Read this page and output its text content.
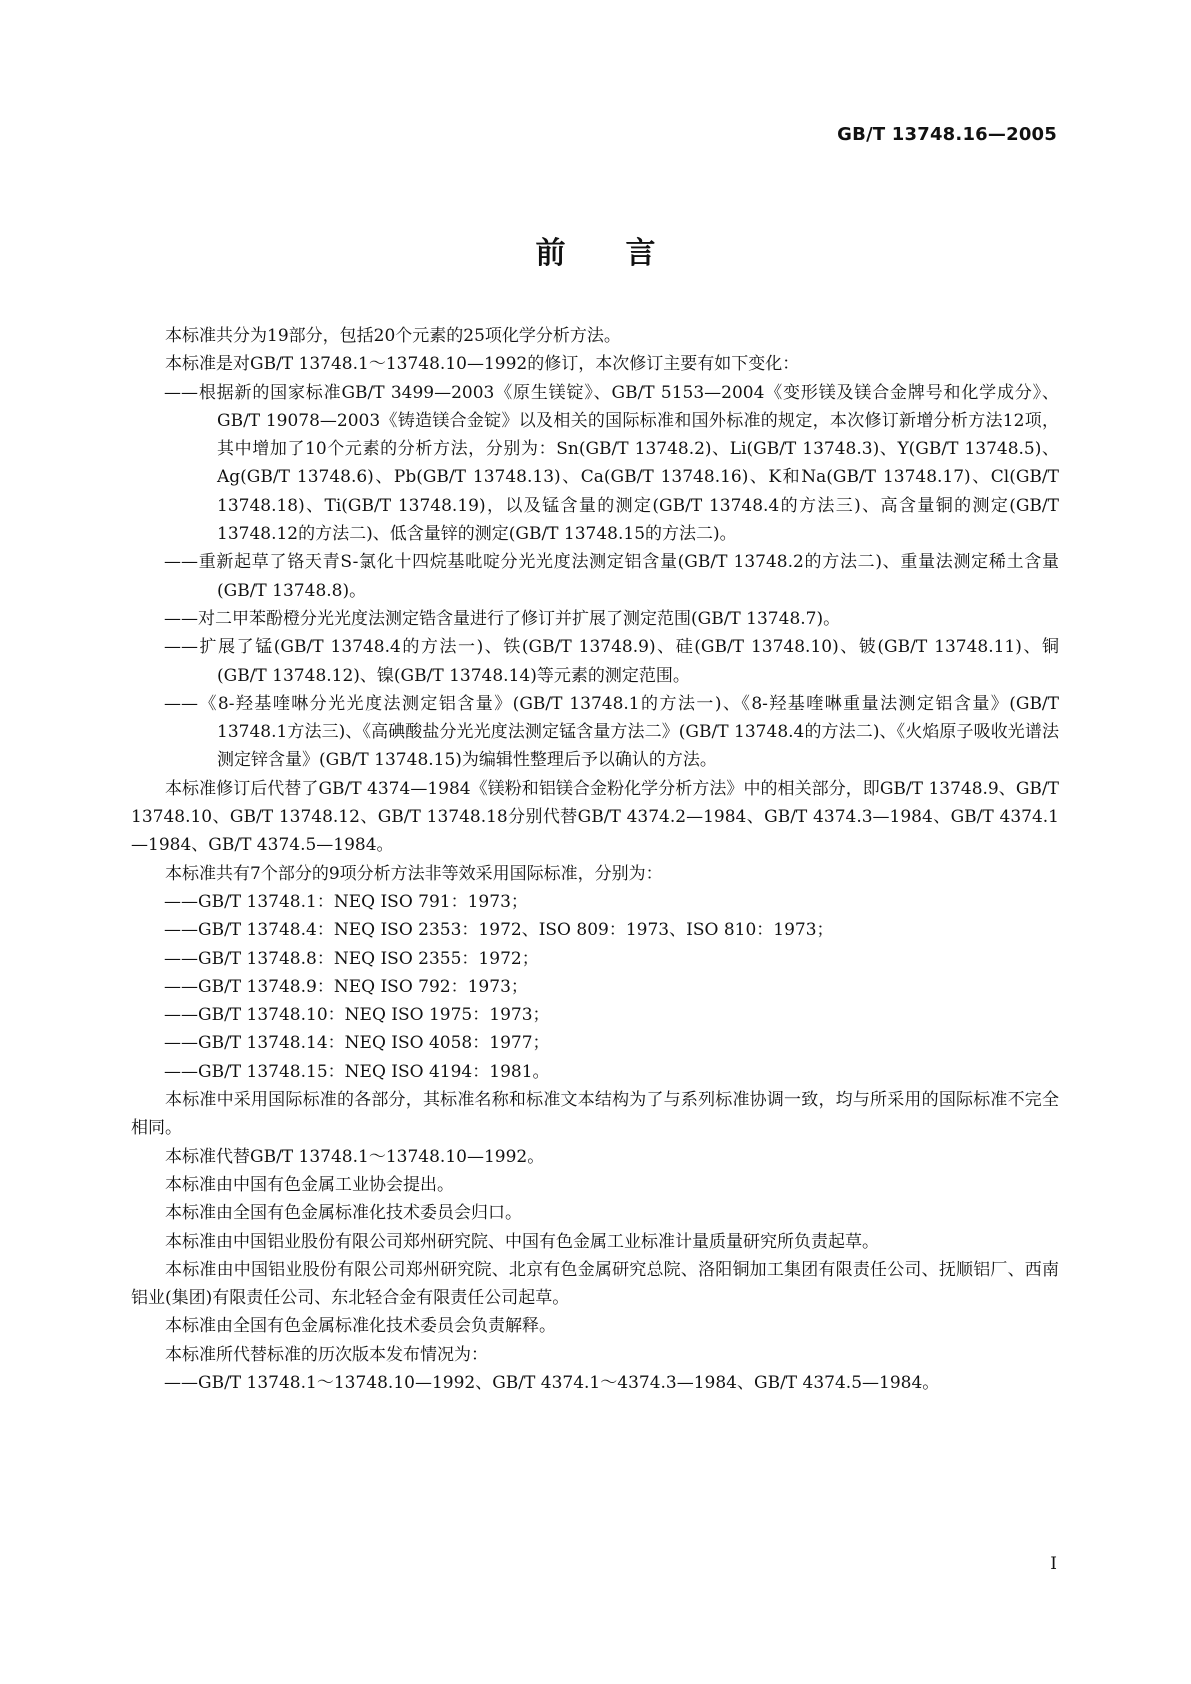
GB/T 13748.16—2005
前言

本标准共分为19部分，包括20个元素的25项化学分析方法。

本标准是对GB/T 13748.1～13748.10—1992的修订，本次修订主要有如下变化：

——根据新的国家标准GB/T 3499—2003《原生镁锭》、GB/T 5153—2004《变形镁及镁合金牌号和化学成分》、GB/T 19078—2003《铸造镁合金锭》以及相关的国际标准和国外标准的规定，本次修订新增分析方法12项，其中增加了10个元素的分析方法，分别为：Sn(GB/T 13748.2)、Li(GB/T 13748.3)、Y(GB/T 13748.5)、Ag(GB/T 13748.6)、Pb(GB/T 13748.13)、Ca(GB/T 13748.16)、K和Na(GB/T 13748.17)、Cl(GB/T 13748.18)、Ti(GB/T 13748.19)，以及锰含量的测定(GB/T 13748.4的方法三)、高含量铜的测定(GB/T 13748.12的方法二)、低含量锌的测定(GB/T 13748.15的方法二)。

——重新起草了铬天青S-氯化十四烷基吡啶分光光度法测定铝含量(GB/T 13748.2的方法二)、重量法测定稀土含量(GB/T 13748.8)。

——对二甲苯酚橙分光光度法测定锆含量进行了修订并扩展了测定范围(GB/T 13748.7)。

——扩展了锰(GB/T 13748.4的方法一)、铁(GB/T 13748.9)、硅(GB/T 13748.10)、铍(GB/T 13748.11)、铜(GB/T 13748.12)、镍(GB/T 13748.14)等元素的测定范围。

——《8-羟基喹啉分光光度法测定铝含量》(GB/T 13748.1的方法一)、《8-羟基喹啉重量法测定铝含量》(GB/T 13748.1方法三)、《高碘酸盐分光光度法测定锰含量方法二》(GB/T 13748.4的方法二)、《火焰原子吸收光谱法测定锌含量》(GB/T 13748.15)为编辑性整理后予以确认的方法。

本标准修订后代替了GB/T 4374—1984《镁粉和铝镁合金粉化学分析方法》中的相关部分，即GB/T 13748.9、GB/T 13748.10、GB/T 13748.12、GB/T 13748.18分别代替GB/T 4374.2—1984、GB/T 4374.3—1984、GB/T 4374.1—1984、GB/T 4374.5—1984。

本标准共有7个部分的9项分析方法非等效采用国际标准，分别为：

——GB/T 13748.1：NEQ ISO 791：1973；

——GB/T 13748.4：NEQ ISO 2353：1972、ISO 809：1973、ISO 810：1973；

——GB/T 13748.8：NEQ ISO 2355：1972；

——GB/T 13748.9：NEQ ISO 792：1973；

——GB/T 13748.10：NEQ ISO 1975：1973；

——GB/T 13748.14：NEQ ISO 4058：1977；

——GB/T 13748.15：NEQ ISO 4194：1981。

本标准中采用国际标准的各部分，其标准名称和标准文本结构为了与系列标准协调一致，均与所采用的国际标准不完全相同。

本标准代替GB/T 13748.1～13748.10—1992。

本标准由中国有色金属工业协会提出。

本标准由全国有色金属标准化技术委员会归口。

本标准由中国铝业股份有限公司郑州研究院、中国有色金属工业标准计量质量研究所负责起草。

本标准由中国铝业股份有限公司郑州研究院、北京有色金属研究总院、洛阳铜加工集团有限责任公司、抚顺铝厂、西南铝业(集团)有限责任公司、东北轻合金有限责任公司起草。

本标准由全国有色金属标准化技术委员会负责解释。

本标准所代替标准的历次版本发布情况为：

——GB/T 13748.1～13748.10—1992、GB/T 4374.1～4374.3—1984、GB/T 4374.5—1984。

I
